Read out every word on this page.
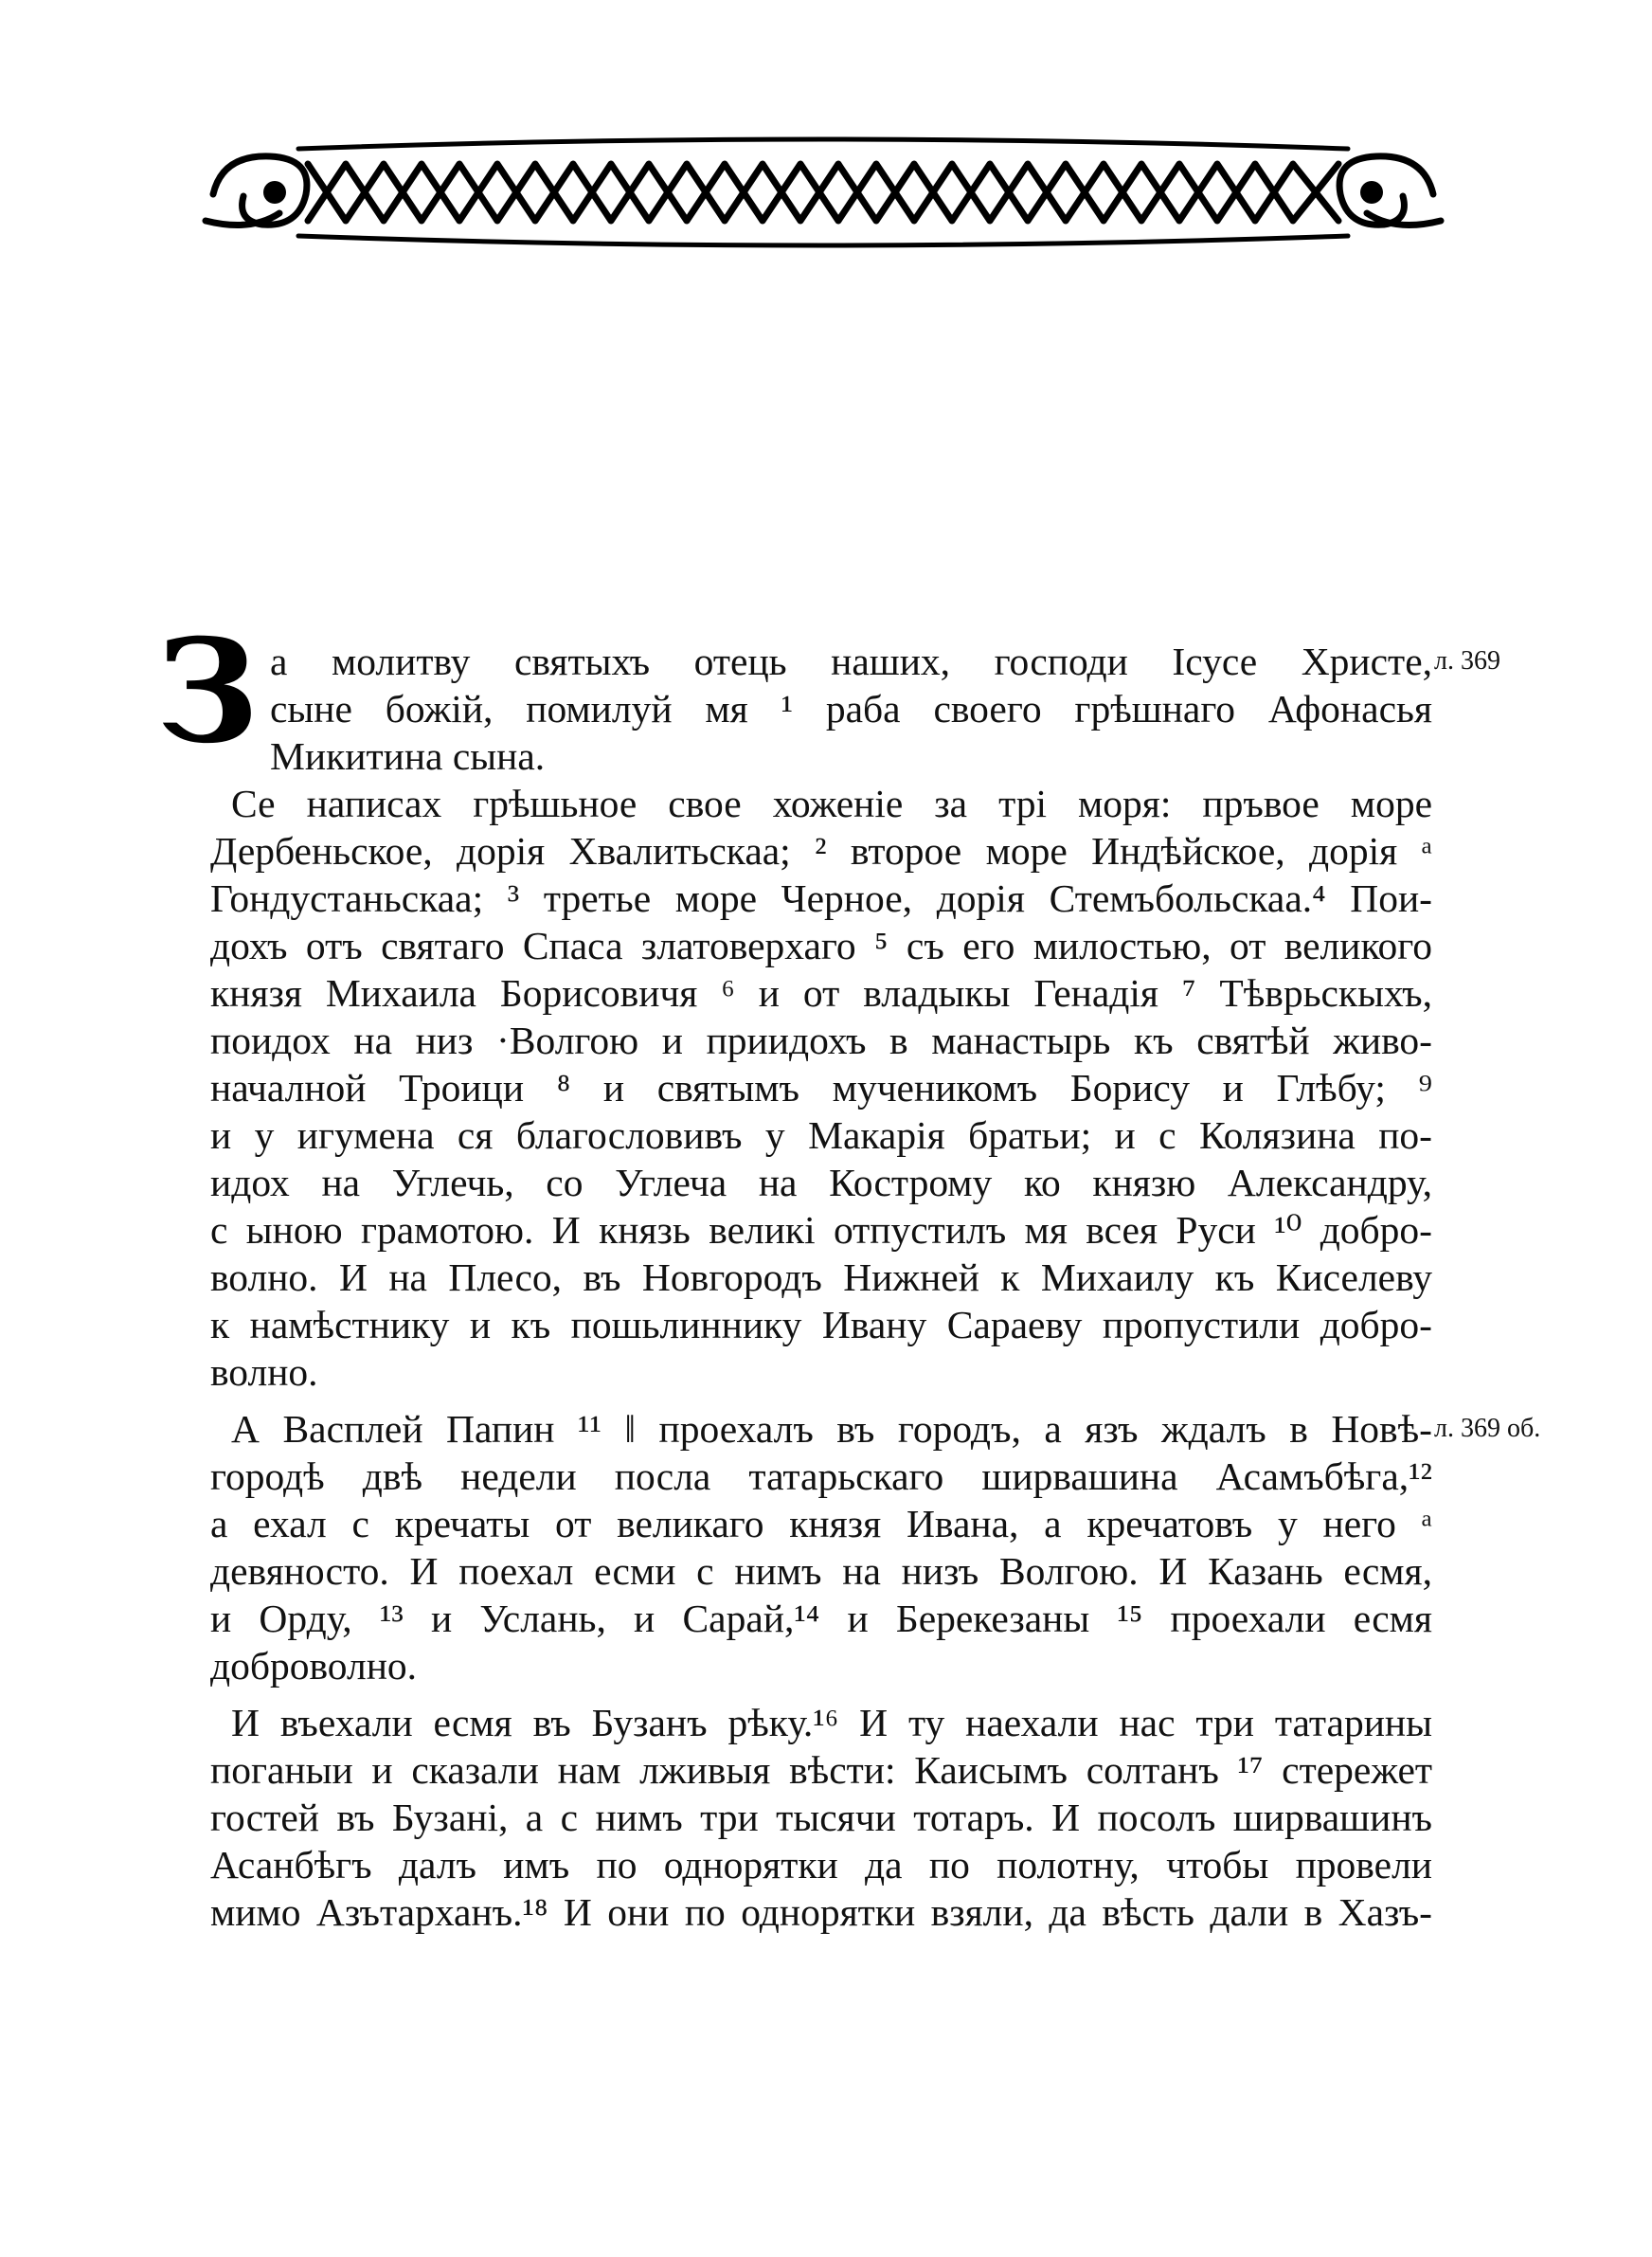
З	л. 369
л. 369 об.
а молитву святыхъ отець наших, господи Ісусе Христе,
сыне божій, помилуй мя ¹ раба своего грѣшнаго Афонасья
Микитина сына.
Се написах грѣшьное свое хоженіе за трі моря: пръвое море
Дербеньское, дорія Хвалитьскаа; ² второе море Индѣйское, дорія ᵃ
Гондустаньскаа; ³ третье море Черное, дорія Стемъбольскаа.⁴ Пои-
дохъ отъ святаго Спаса златоверхаго ⁵ съ его милостью, от великого
князя Михаила Борисовичя ⁶ и от владыкы Генадія ⁷ Тѣврьскыхъ,
поидох на низ ·Волгою и приидохъ в манастырь къ святѣй живо-
началной Троици ⁸ и святымъ мученикомъ Борису и Глѣбу; ⁹
и у игумена ся благословивъ у Макарія братьи; и с Колязина по-
идох на Углечь, со Углеча на Кострому ко князю Александру,
с ыною грамотою. И князь великі отпустилъ мя всея Руси ¹⁰ добро-
волно. И на Плесо, въ Новгородъ Нижней к Михаилу къ Киселеву
к намѣстнику и къ пошьлиннику Ивану Сараеву пропустили добро-
волно.
А Васплей Папин ¹¹ ‖ проехалъ въ городъ, а язъ ждалъ в Новѣ-
городѣ двѣ недели посла татарьскаго ширвашина Асамъбѣга,¹²
а ехал с кречаты от великаго князя Ивана, а кречатовъ у него ᵃ
девяносто. И поехал есми с нимъ на низъ Волгою. И Казань есмя,
и Орду, ¹³ и Услань, и Сарай,¹⁴ и Берекезаны ¹⁵ проехали есмя
доброволно.
И въехали есмя въ Бузанъ рѣку.¹⁶ И ту наехали нас три татарины
поганыи и сказали нам лживыя вѣсти: Каисымъ солтанъ ¹⁷ стережет
гостей въ Бузані, а с нимъ три тысячи тотаръ. И посолъ ширвашинъ
Асанбѣгъ далъ имъ по однорятки да по полотну, чтобы провели
мимо Азътарханъ.¹⁸ И они по однорятки взяли, да вѣсть дали в Хазъ-
